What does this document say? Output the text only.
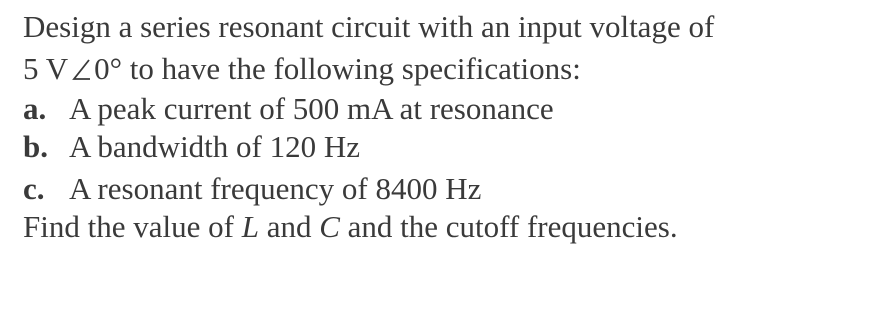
Design a series resonant circuit with an input voltage of
5 V 0° to have the following specifications:
a. A peak current of 500 mA at resonance
b. A bandwidth of 120 Hz
c. A resonant frequency of 8400 Hz
Find the value of L and C and the cutoff frequencies.
